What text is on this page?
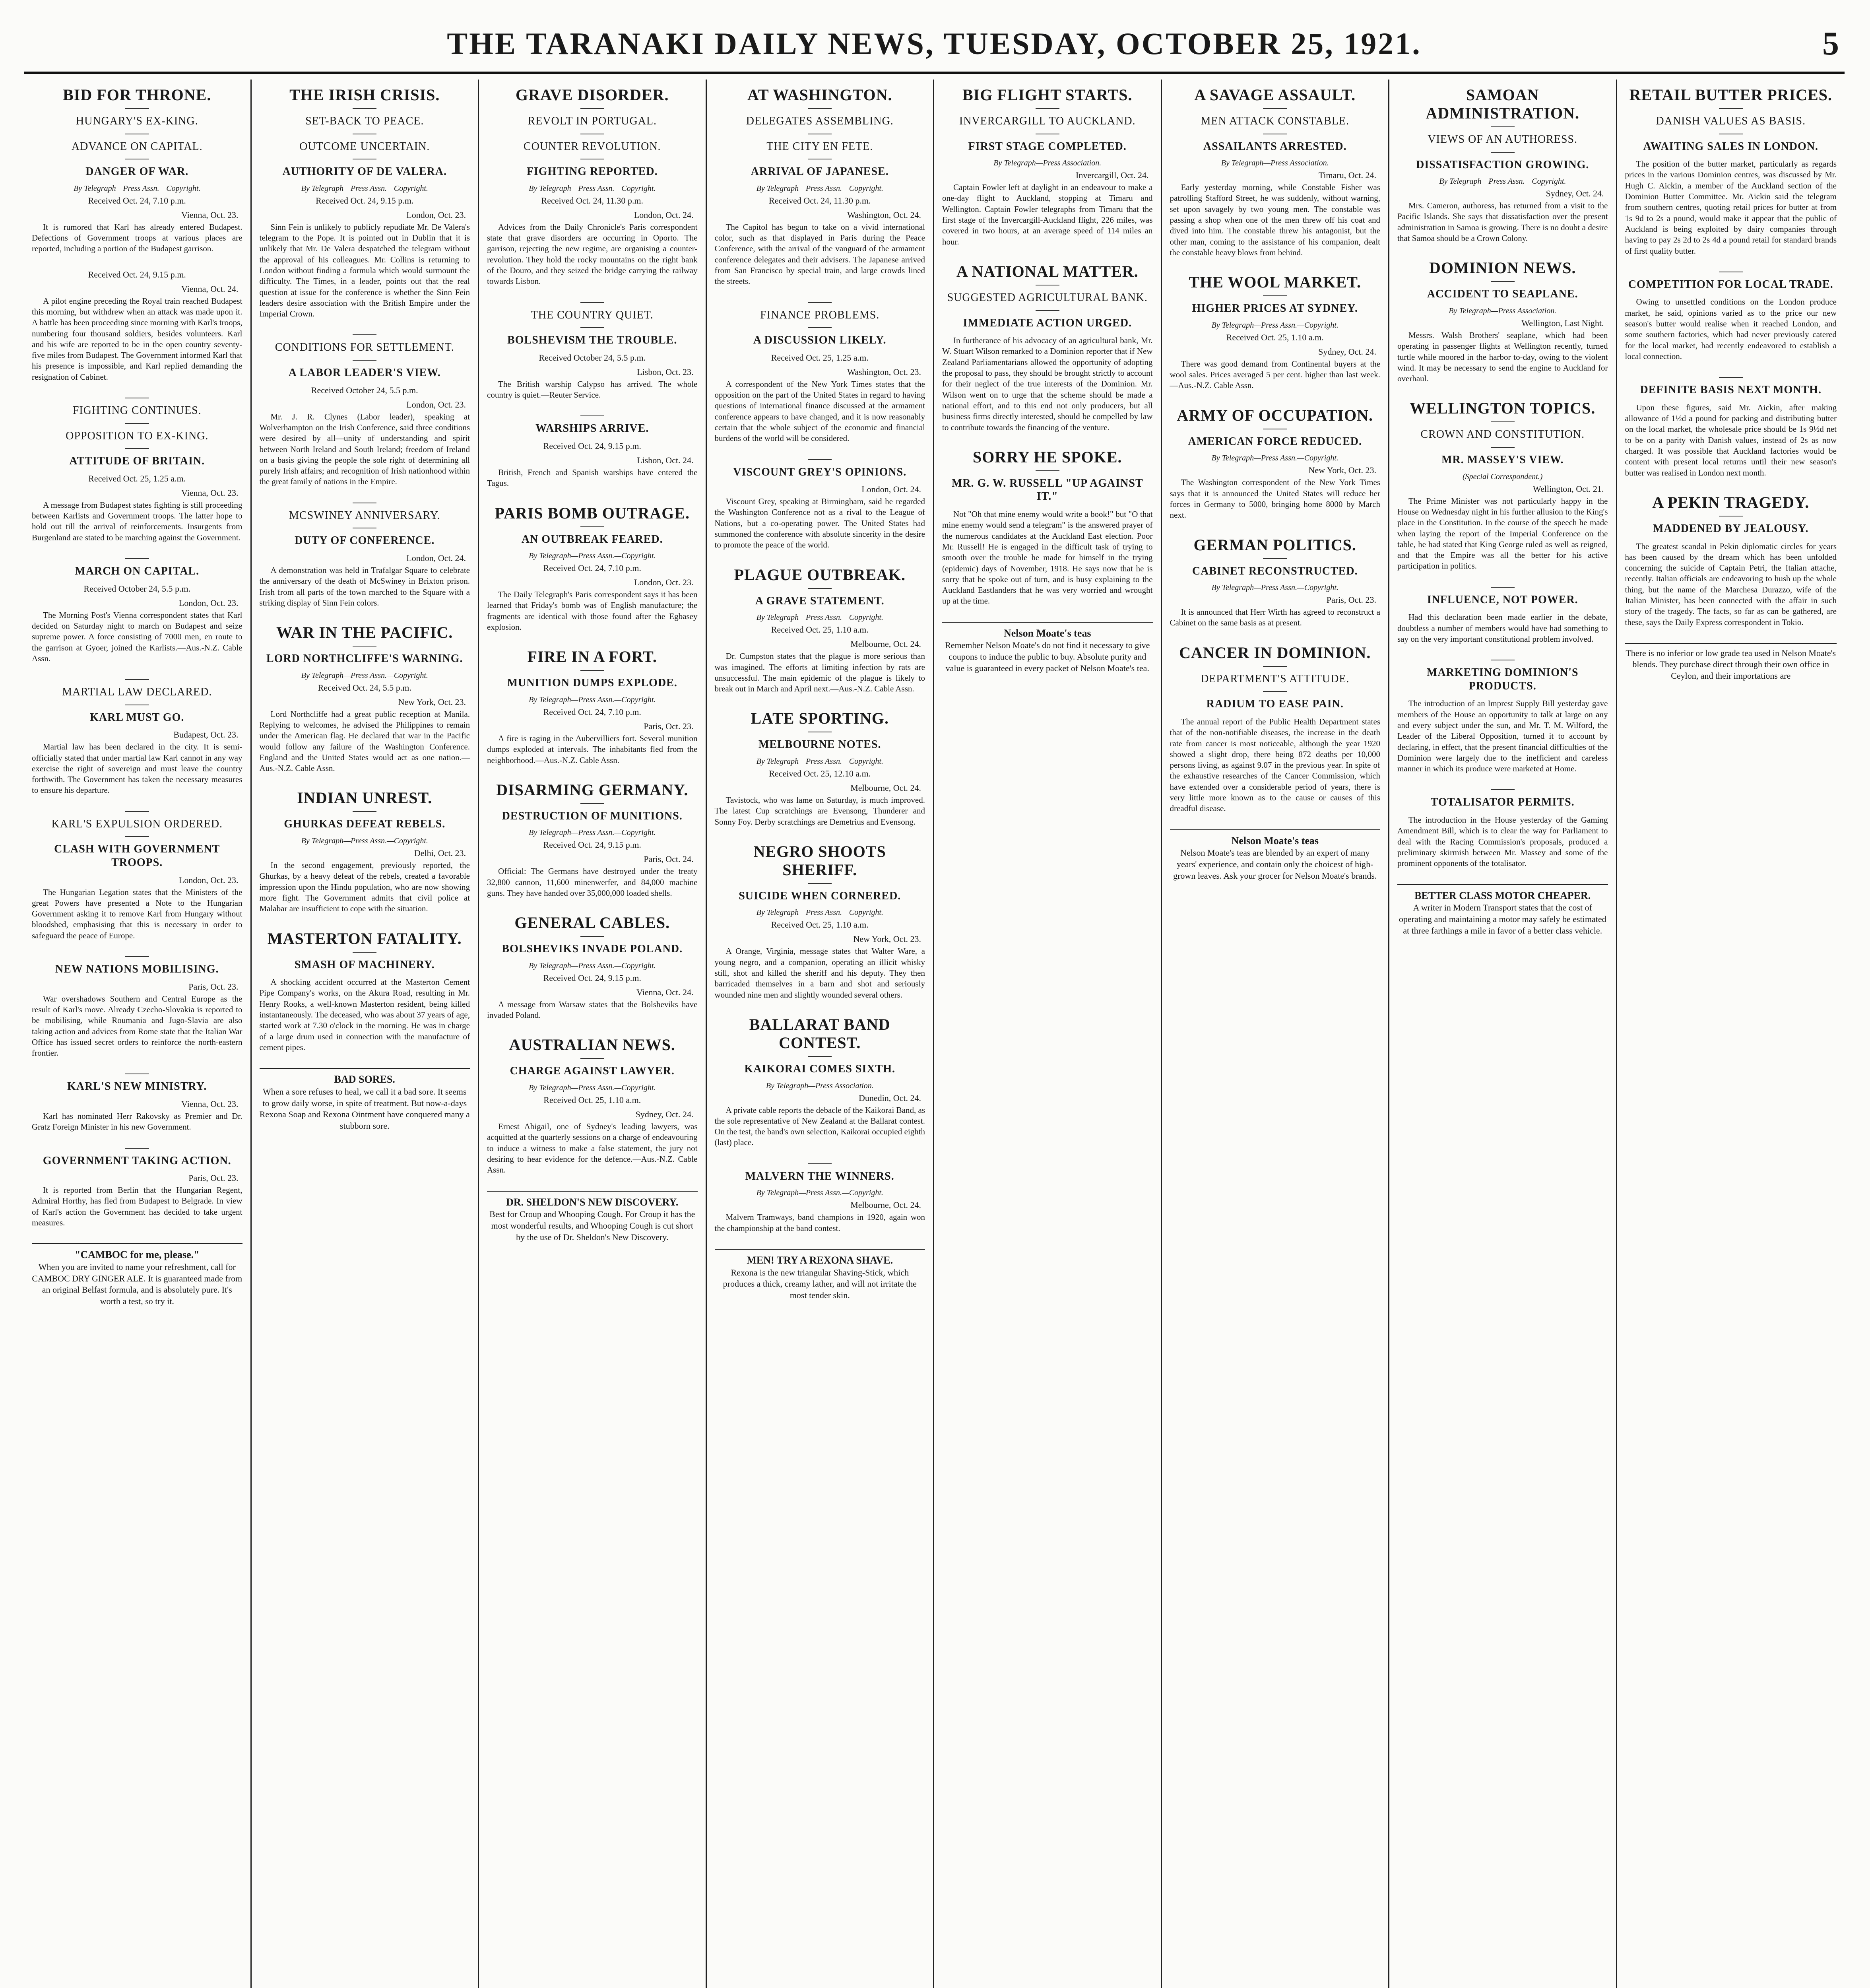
THE TARANAKI DAILY NEWS, TUESDAY, OCTOBER 25, 1921.	5
BID FOR THRONE.
HUNGARY'S EX-KING.
ADVANCE ON CAPITAL.
DANGER OF WAR.
By Telegraph—Press Assn.—Copyright.
Received Oct. 24, 7.10 p.m.
Vienna, Oct. 23.
It is rumored that Karl has already entered Budapest. Defections of Government troops at various places are reported, including a portion of the Budapest garrison.
Received Oct. 24, 9.15 p.m.
Vienna, Oct. 24.
A pilot engine preceding the Royal train reached Budapest this morning, but withdrew when an attack was made upon it. A battle has been proceeding since morning with Karl's troops, numbering four thousand soldiers, besides volunteers. Karl and his wife are reported to be in the open country seventy-five miles from Budapest. The Government informed Karl that his presence is impossible, and Karl replied demanding the resignation of Cabinet.
FIGHTING CONTINUES.
OPPOSITION TO EX-KING.
ATTITUDE OF BRITAIN.
Received Oct. 25, 1.25 a.m.
Vienna, Oct. 23.
A message from Budapest states fighting is still proceeding between Karlists and Government troops. The latter hope to hold out till the arrival of reinforcements. Insurgents from Burgenland are stated to be marching against the Government.
MARCH ON CAPITAL.
Received October 24, 5.5 p.m.
London, Oct. 23.
The Morning Post's Vienna correspondent states that Karl decided on Saturday night to march on Budapest and seize supreme power. A force consisting of 7000 men, en route to the garrison at Gyoer, joined the Karlists.—Aus.-N.Z. Cable Assn.
MARTIAL LAW DECLARED.
KARL MUST GO.
Budapest, Oct. 23.
Martial law has been declared in the city. It is semi-officially stated that under martial law Karl cannot in any way exercise the right of sovereign and must leave the country forthwith. The Government has taken the necessary measures to ensure his departure.
KARL'S EXPULSION ORDERED.
CLASH WITH GOVERNMENT TROOPS.
London, Oct. 23.
The Hungarian Legation states that the Ministers of the great Powers have presented a Note to the Hungarian Government asking it to remove Karl from Hungary without bloodshed, emphasising that this is necessary in order to safeguard the peace of Europe.
NEW NATIONS MOBILISING.
Paris, Oct. 23.
War overshadows Southern and Central Europe as the result of Karl's move. Already Czecho-Slovakia is reported to be mobilising, while Roumania and Jugo-Slavia are also taking action and advices from Rome state that the Italian War Office has issued secret orders to reinforce the north-eastern frontier.
KARL'S NEW MINISTRY.
Vienna, Oct. 23.
Karl has nominated Herr Rakovsky as Premier and Dr. Gratz Foreign Minister in his new Government.
GOVERNMENT TAKING ACTION.
Paris, Oct. 23.
It is reported from Berlin that the Hungarian Regent, Admiral Horthy, has fled from Budapest to Belgrade. In view of Karl's action the Government has decided to take urgent measures.
"CAMBOC for me, please."
When you are invited to name your refreshment, call for CAMBOC DRY GINGER ALE. It is guaranteed made from an original Belfast formula, and is absolutely pure. It's worth a test, so try it.
THE IRISH CRISIS.
SET-BACK TO PEACE.
OUTCOME UNCERTAIN.
AUTHORITY OF DE VALERA.
By Telegraph—Press Assn.—Copyright.
Received Oct. 24, 9.15 p.m.
London, Oct. 23.
Sinn Fein is unlikely to publicly repudiate Mr. De Valera's telegram to the Pope. It is pointed out in Dublin that it is unlikely that Mr. De Valera despatched the telegram without the approval of his colleagues. Mr. Collins is returning to London without finding a formula which would surmount the difficulty. The Times, in a leader, points out that the real question at issue for the conference is whether the Sinn Fein leaders desire association with the British Empire under the Imperial Crown.
CONDITIONS FOR SETTLEMENT.
A LABOR LEADER'S VIEW.
Received October 24, 5.5 p.m.
London, Oct. 23.
Mr. J. R. Clynes (Labor leader), speaking at Wolverhampton on the Irish Conference, said three conditions were desired by all—unity of understanding and spirit between North Ireland and South Ireland; freedom of Ireland on a basis giving the people the sole right of determining all purely Irish affairs; and recognition of Irish nationhood within the great family of nations in the Empire.
MCSWINEY ANNIVERSARY.
DUTY OF CONFERENCE.
London, Oct. 24.
A demonstration was held in Trafalgar Square to celebrate the anniversary of the death of McSwiney in Brixton prison. Irish from all parts of the town marched to the Square with a striking display of Sinn Fein colors.
WAR IN THE PACIFIC.
LORD NORTHCLIFFE'S WARNING.
By Telegraph—Press Assn.—Copyright.
Received Oct. 24, 5.5 p.m.
New York, Oct. 23.
Lord Northcliffe had a great public reception at Manila. Replying to welcomes, he advised the Philippines to remain under the American flag. He declared that war in the Pacific would follow any failure of the Washington Conference. England and the United States would act as one nation.—Aus.-N.Z. Cable Assn.
INDIAN UNREST.
GHURKAS DEFEAT REBELS.
By Telegraph—Press Assn.—Copyright.
Delhi, Oct. 23.
In the second engagement, previously reported, the Ghurkas, by a heavy defeat of the rebels, created a favorable impression upon the Hindu population, who are now showing more fight. The Government admits that civil police at Malabar are insufficient to cope with the situation.
MASTERTON FATALITY.
SMASH OF MACHINERY.
A shocking accident occurred at the Masterton Cement Pipe Company's works, on the Akura Road, resulting in Mr. Henry Rooks, a well-known Masterton resident, being killed instantaneously. The deceased, who was about 37 years of age, started work at 7.30 o'clock in the morning. He was in charge of a large drum used in connection with the manufacture of cement pipes.
BAD SORES.
When a sore refuses to heal, we call it a bad sore. It seems to grow daily worse, in spite of treatment. But now-a-days Rexona Soap and Rexona Ointment have conquered many a stubborn sore.
GRAVE DISORDER.
REVOLT IN PORTUGAL.
COUNTER REVOLUTION.
FIGHTING REPORTED.
By Telegraph—Press Assn.—Copyright.
Received Oct. 24, 11.30 p.m.
London, Oct. 24.
Advices from the Daily Chronicle's Paris correspondent state that grave disorders are occurring in Oporto. The garrison, rejecting the new regime, are organising a counter-revolution. They hold the rocky mountains on the right bank of the Douro, and they seized the bridge carrying the railway towards Lisbon.
THE COUNTRY QUIET.
BOLSHEVISM THE TROUBLE.
Received October 24, 5.5 p.m.
Lisbon, Oct. 23.
The British warship Calypso has arrived. The whole country is quiet.—Reuter Service.
WARSHIPS ARRIVE.
Received Oct. 24, 9.15 p.m.
Lisbon, Oct. 24.
British, French and Spanish warships have entered the Tagus.
PARIS BOMB OUTRAGE.
AN OUTBREAK FEARED.
By Telegraph—Press Assn.—Copyright.
Received Oct. 24, 7.10 p.m.
London, Oct. 23.
The Daily Telegraph's Paris correspondent says it has been learned that Friday's bomb was of English manufacture; the fragments are identical with those found after the Egbasey explosion.
FIRE IN A FORT.
MUNITION DUMPS EXPLODE.
By Telegraph—Press Assn.—Copyright.
Received Oct. 24, 7.10 p.m.
Paris, Oct. 23.
A fire is raging in the Aubervilliers fort. Several munition dumps exploded at intervals. The inhabitants fled from the neighborhood.—Aus.-N.Z. Cable Assn.
DISARMING GERMANY.
DESTRUCTION OF MUNITIONS.
By Telegraph—Press Assn.—Copyright.
Received Oct. 24, 9.15 p.m.
Paris, Oct. 24.
Official: The Germans have destroyed under the treaty 32,800 cannon, 11,600 minenwerfer, and 84,000 machine guns. They have handed over 35,000,000 loaded shells.
GENERAL CABLES.
BOLSHEVIKS INVADE POLAND.
By Telegraph—Press Assn.—Copyright.
Received Oct. 24, 9.15 p.m.
Vienna, Oct. 24.
A message from Warsaw states that the Bolsheviks have invaded Poland.
AUSTRALIAN NEWS.
CHARGE AGAINST LAWYER.
By Telegraph—Press Assn.—Copyright.
Received Oct. 25, 1.10 a.m.
Sydney, Oct. 24.
Ernest Abigail, one of Sydney's leading lawyers, was acquitted at the quarterly sessions on a charge of endeavouring to induce a witness to make a false statement, the jury not desiring to hear evidence for the defence.—Aus.-N.Z. Cable Assn.
DR. SHELDON'S NEW DISCOVERY.
Best for Croup and Whooping Cough. For Croup it has the most wonderful results, and Whooping Cough is cut short by the use of Dr. Sheldon's New Discovery.
AT WASHINGTON.
DELEGATES ASSEMBLING.
THE CITY EN FETE.
ARRIVAL OF JAPANESE.
By Telegraph—Press Assn.—Copyright.
Received Oct. 24, 11.30 p.m.
Washington, Oct. 24.
The Capitol has begun to take on a vivid international color, such as that displayed in Paris during the Peace Conference, with the arrival of the vanguard of the armament conference delegates and their advisers. The Japanese arrived from San Francisco by special train, and large crowds lined the streets.
FINANCE PROBLEMS.
A DISCUSSION LIKELY.
Received Oct. 25, 1.25 a.m.
Washington, Oct. 23.
A correspondent of the New York Times states that the opposition on the part of the United States in regard to having questions of international finance discussed at the armament conference appears to have changed, and it is now reasonably certain that the whole subject of the economic and financial burdens of the world will be considered.
VISCOUNT GREY'S OPINIONS.
London, Oct. 24.
Viscount Grey, speaking at Birmingham, said he regarded the Washington Conference not as a rival to the League of Nations, but a co-operating power. The United States had summoned the conference with absolute sincerity in the desire to promote the peace of the world.
PLAGUE OUTBREAK.
A GRAVE STATEMENT.
By Telegraph—Press Assn.—Copyright.
Received Oct. 25, 1.10 a.m.
Melbourne, Oct. 24.
Dr. Cumpston states that the plague is more serious than was imagined. The efforts at limiting infection by rats are unsuccessful. The main epidemic of the plague is likely to break out in March and April next.—Aus.-N.Z. Cable Assn.
LATE SPORTING.
MELBOURNE NOTES.
By Telegraph—Press Assn.—Copyright.
Received Oct. 25, 12.10 a.m.
Melbourne, Oct. 24.
Tavistock, who was lame on Saturday, is much improved. The latest Cup scratchings are Evensong, Thunderer and Sonny Foy. Derby scratchings are Demetrius and Evensong.
NEGRO SHOOTS SHERIFF.
SUICIDE WHEN CORNERED.
By Telegraph—Press Assn.—Copyright.
Received Oct. 25, 1.10 a.m.
New York, Oct. 23.
A Orange, Virginia, message states that Walter Ware, a young negro, and a companion, operating an illicit whisky still, shot and killed the sheriff and his deputy. They then barricaded themselves in a barn and shot and seriously wounded nine men and slightly wounded several others.
BALLARAT BAND CONTEST.
KAIKORAI COMES SIXTH.
By Telegraph—Press Association.
Dunedin, Oct. 24.
A private cable reports the debacle of the Kaikorai Band, as the sole representative of New Zealand at the Ballarat contest. On the test, the band's own selection, Kaikorai occupied eighth (last) place.
MALVERN THE WINNERS.
By Telegraph—Press Assn.—Copyright.
Melbourne, Oct. 24.
Malvern Tramways, band champions in 1920, again won the championship at the band contest.
MEN! TRY A REXONA SHAVE.
Rexona is the new triangular Shaving-Stick, which produces a thick, creamy lather, and will not irritate the most tender skin.
BIG FLIGHT STARTS.
INVERCARGILL TO AUCKLAND.
FIRST STAGE COMPLETED.
By Telegraph—Press Association.
Invercargill, Oct. 24.
Captain Fowler left at daylight in an endeavour to make a one-day flight to Auckland, stopping at Timaru and Wellington. Captain Fowler telegraphs from Timaru that the first stage of the Invercargill-Auckland flight, 226 miles, was covered in two hours, at an average speed of 114 miles an hour.
A NATIONAL MATTER.
SUGGESTED AGRICULTURAL BANK.
IMMEDIATE ACTION URGED.
In furtherance of his advocacy of an agricultural bank, Mr. W. Stuart Wilson remarked to a Dominion reporter that if New Zealand Parliamentarians allowed the opportunity of adopting the proposal to pass, they should be brought strictly to account for their neglect of the true interests of the Dominion. Mr. Wilson went on to urge that the scheme should be made a national effort, and to this end not only producers, but all business firms directly interested, should be compelled by law to contribute towards the financing of the venture.
SORRY HE SPOKE.
MR. G. W. RUSSELL "UP AGAINST IT."
Not "Oh that mine enemy would write a book!" but "O that mine enemy would send a telegram" is the answered prayer of the numerous candidates at the Auckland East election. Poor Mr. Russell! He is engaged in the difficult task of trying to smooth over the trouble he made for himself in the trying (epidemic) days of November, 1918. He says now that he is sorry that he spoke out of turn, and is busy explaining to the Auckland Eastlanders that he was very worried and wrought up at the time.
Nelson Moate's teas
Remember Nelson Moate's do not find it necessary to give coupons to induce the public to buy. Absolute purity and value is guaranteed in every packet of Nelson Moate's tea.
A SAVAGE ASSAULT.
MEN ATTACK CONSTABLE.
ASSAILANTS ARRESTED.
By Telegraph—Press Association.
Timaru, Oct. 24.
Early yesterday morning, while Constable Fisher was patrolling Stafford Street, he was suddenly, without warning, set upon savagely by two young men. The constable was passing a shop when one of the men threw off his coat and dived into him. The constable threw his antagonist, but the other man, coming to the assistance of his companion, dealt the constable heavy blows from behind.
THE WOOL MARKET.
HIGHER PRICES AT SYDNEY.
By Telegraph—Press Assn.—Copyright.
Received Oct. 25, 1.10 a.m.
Sydney, Oct. 24.
There was good demand from Continental buyers at the wool sales. Prices averaged 5 per cent. higher than last week.—Aus.-N.Z. Cable Assn.
ARMY OF OCCUPATION.
AMERICAN FORCE REDUCED.
By Telegraph—Press Assn.—Copyright.
New York, Oct. 23.
The Washington correspondent of the New York Times says that it is announced the United States will reduce her forces in Germany to 5000, bringing home 8000 by March next.
GERMAN POLITICS.
CABINET RECONSTRUCTED.
By Telegraph—Press Assn.—Copyright.
Paris, Oct. 23.
It is announced that Herr Wirth has agreed to reconstruct a Cabinet on the same basis as at present.
CANCER IN DOMINION.
DEPARTMENT'S ATTITUDE.
RADIUM TO EASE PAIN.
The annual report of the Public Health Department states that of the non-notifiable diseases, the increase in the death rate from cancer is most noticeable, although the year 1920 showed a slight drop, there being 872 deaths per 10,000 persons living, as against 9.07 in the previous year. In spite of the exhaustive researches of the Cancer Commission, which have extended over a considerable period of years, there is very little more known as to the cause or causes of this dreadful disease.
Nelson Moate's teas
Nelson Moate's teas are blended by an expert of many years' experience, and contain only the choicest of high-grown leaves. Ask your grocer for Nelson Moate's brands.
SAMOAN ADMINISTRATION.
VIEWS OF AN AUTHORESS.
DISSATISFACTION GROWING.
By Telegraph—Press Assn.—Copyright.
Sydney, Oct. 24.
Mrs. Cameron, authoress, has returned from a visit to the Pacific Islands. She says that dissatisfaction over the present administration in Samoa is growing. There is no doubt a desire that Samoa should be a Crown Colony.
DOMINION NEWS.
ACCIDENT TO SEAPLANE.
By Telegraph—Press Association.
Wellington, Last Night.
Messrs. Walsh Brothers' seaplane, which had been operating in passenger flights at Wellington recently, turned turtle while moored in the harbor to-day, owing to the violent wind. It may be necessary to send the engine to Auckland for overhaul.
WELLINGTON TOPICS.
CROWN AND CONSTITUTION.
MR. MASSEY'S VIEW.
(Special Correspondent.)
Wellington, Oct. 21.
The Prime Minister was not particularly happy in the House on Wednesday night in his further allusion to the King's place in the Constitution. In the course of the speech he made when laying the report of the Imperial Conference on the table, he had stated that King George ruled as well as reigned, and that the Empire was all the better for his active participation in politics.
INFLUENCE, NOT POWER.
Had this declaration been made earlier in the debate, doubtless a number of members would have had something to say on the very important constitutional problem involved.
MARKETING DOMINION'S PRODUCTS.
The introduction of an Imprest Supply Bill yesterday gave members of the House an opportunity to talk at large on any and every subject under the sun, and Mr. T. M. Wilford, the Leader of the Liberal Opposition, turned it to account by declaring, in effect, that the present financial difficulties of the Dominion were largely due to the inefficient and careless manner in which its produce were marketed at Home.
TOTALISATOR PERMITS.
The introduction in the House yesterday of the Gaming Amendment Bill, which is to clear the way for Parliament to deal with the Racing Commission's proposals, produced a preliminary skirmish between Mr. Massey and some of the prominent opponents of the totalisator.
BETTER CLASS MOTOR CHEAPER.
A writer in Modern Transport states that the cost of operating and maintaining a motor may safely be estimated at three farthings a mile in favor of a better class vehicle.
RETAIL BUTTER PRICES.
DANISH VALUES AS BASIS.
AWAITING SALES IN LONDON.
The position of the butter market, particularly as regards prices in the various Dominion centres, was discussed by Mr. Hugh C. Aickin, a member of the Auckland section of the Dominion Butter Committee. Mr. Aickin said the telegram from southern centres, quoting retail prices for butter at from 1s 9d to 2s a pound, would make it appear that the public of Auckland is being exploited by dairy companies through having to pay 2s 2d to 2s 4d a pound retail for standard brands of first quality butter.
COMPETITION FOR LOCAL TRADE.
Owing to unsettled conditions on the London produce market, he said, opinions varied as to the price our new season's butter would realise when it reached London, and some southern factories, which had never previously catered for the local market, had recently endeavored to establish a local connection.
DEFINITE BASIS NEXT MONTH.
Upon these figures, said Mr. Aickin, after making allowance of 1½d a pound for packing and distributing butter on the local market, the wholesale price should be 1s 9½d net to be on a parity with Danish values, instead of 2s as now charged. It was possible that Auckland factories would be content with present local returns until their new season's butter was realised in London next month.
A PEKIN TRAGEDY.
MADDENED BY JEALOUSY.
The greatest scandal in Pekin diplomatic circles for years has been caused by the dream which has been unfolded concerning the suicide of Captain Petri, the Italian attache, recently. Italian officials are endeavoring to hush up the whole thing, but the name of the Marchesa Durazzo, wife of the Italian Minister, has been connected with the affair in such story of the tragedy. The facts, so far as can be gathered, are these, says the Daily Express correspondent in Tokio.
There is no inferior or low grade tea used in Nelson Moate's blends. They purchase direct through their own office in Ceylon, and their importations are
